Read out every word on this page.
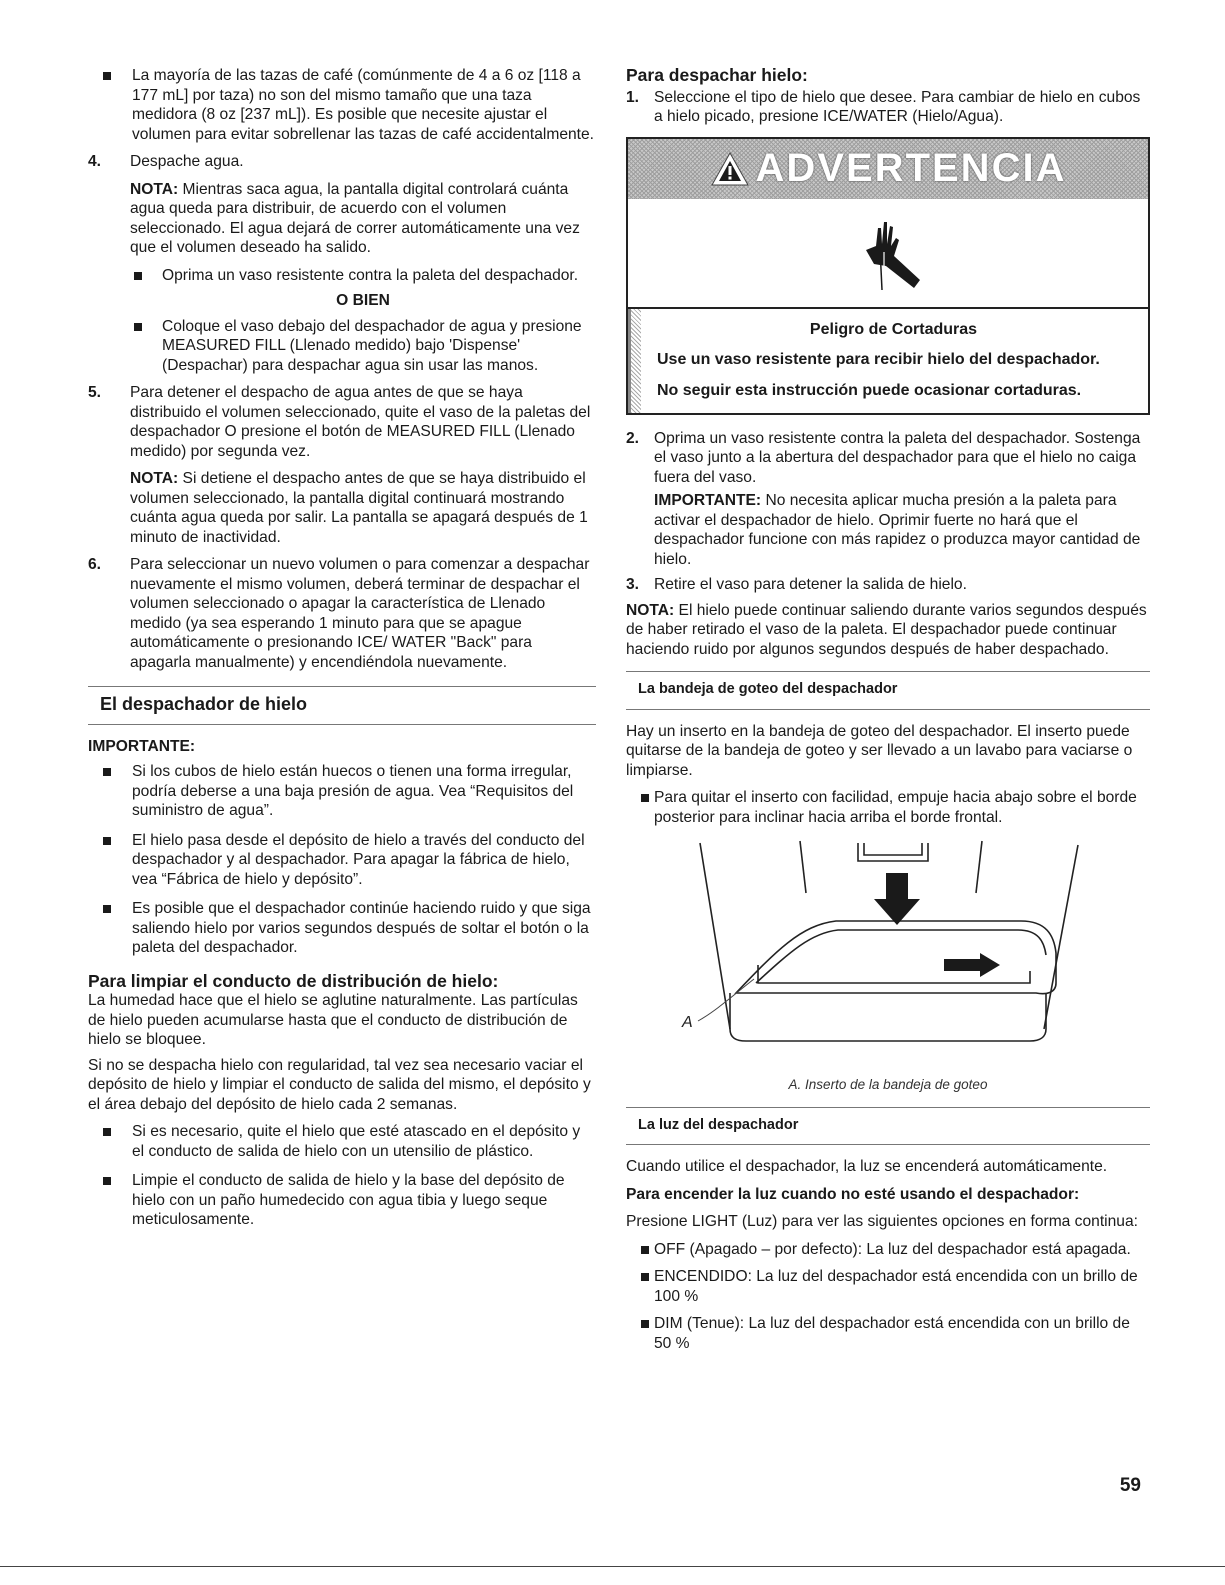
La mayoría de las tazas de café (comúnmente de 4 a 6 oz [118 a 177 mL] por taza) no son del mismo tamaño que una taza medidora (8 oz [237 mL]). Es posible que necesite ajustar el volumen para evitar sobrellenar las tazas de café accidentalmente.
4. Despache agua.

NOTA: Mientras saca agua, la pantalla digital controlará cuánta agua queda para distribuir, de acuerdo con el volumen seleccionado. El agua dejará de correr automáticamente una vez que el volumen deseado ha salido.

Oprima un vaso resistente contra la paleta del despachador.

O BIEN

Coloque el vaso debajo del despachador de agua y presione MEASURED FILL (Llenado medido) bajo 'Dispense' (Despachar) para despachar agua sin usar las manos.
5. Para detener el despacho de agua antes de que se haya distribuido el volumen seleccionado, quite el vaso de la paletas del despachador O presione el botón de MEASURED FILL (Llenado medido) por segunda vez.

NOTA: Si detiene el despacho antes de que se haya distribuido el volumen seleccionado, la pantalla digital continuará mostrando cuánta agua queda por salir. La pantalla se apagará después de 1 minuto de inactividad.

6. Para seleccionar un nuevo volumen o para comenzar a despachar nuevamente el mismo volumen, deberá terminar de despachar el volumen seleccionado o apagar la característica de Llenado medido (ya sea esperando 1 minuto para que se apague automáticamente o presionando ICE/ WATER "Back" para apagarla manualmente) y encendiéndola nuevamente.
El despachador de hielo

IMPORTANTE:

Si los cubos de hielo están huecos o tienen una forma irregular, podría deberse a una baja presión de agua. Vea “Requisitos del suministro de agua”.
El hielo pasa desde el depósito de hielo a través del conducto del despachador y al despachador. Para apagar la fábrica de hielo, vea “Fábrica de hielo y depósito”.
Es posible que el despachador continúe haciendo ruido y que siga saliendo hielo por varios segundos después de soltar el botón o la paleta del despachador.
Para limpiar el conducto de distribución de hielo:

La humedad hace que el hielo se aglutine naturalmente. Las partículas de hielo pueden acumularse hasta que el conducto de distribución de hielo se bloquee.

Si no se despacha hielo con regularidad, tal vez sea necesario vaciar el depósito de hielo y limpiar el conducto de salida del mismo, el depósito y el área debajo del depósito de hielo cada 2 semanas.

Si es necesario, quite el hielo que esté atascado en el depósito y el conducto de salida de hielo con un utensilio de plástico.
Limpie el conducto de salida de hielo y la base del depósito de hielo con un paño humedecido con agua tibia y luego seque meticulosamente.
Para despachar hielo:
1. Seleccione el tipo de hielo que desee. Para cambiar de hielo en cubos a hielo picado, presione ICE/WATER (Hielo/Agua).
ADVERTENCIA

Peligro de Cortaduras

Use un vaso resistente para recibir hielo del despachador.

No seguir esta instrucción puede ocasionar cortaduras.

2. Oprima un vaso resistente contra la paleta del despachador. Sostenga el vaso junto a la abertura del despachador para que el hielo no caiga fuera del vaso.

IMPORTANTE: No necesita aplicar mucha presión a la paleta para activar el despachador de hielo. Oprimir fuerte no hará que el despachador funcione con más rapidez o produzca mayor cantidad de hielo.

3. Retire el vaso para detener la salida de hielo.

NOTA: El hielo puede continuar saliendo durante varios segundos después de haber retirado el vaso de la paleta. El despachador puede continuar haciendo ruido por algunos segundos después de haber despachado.

La bandeja de goteo del despachador

Hay un inserto en la bandeja de goteo del despachador. El inserto puede quitarse de la bandeja de goteo y ser llevado a un lavabo para vaciarse o limpiarse.

Para quitar el inserto con facilidad, empuje hacia abajo sobre el borde posterior para inclinar hacia arriba el borde frontal.
A

A. Inserto de la bandeja de goteo

La luz del despachador

Cuando utilice el despachador, la luz se encenderá automáticamente.

Para encender la luz cuando no esté usando el despachador:

Presione LIGHT (Luz) para ver las siguientes opciones en forma continua:

OFF (Apagado – por defecto): La luz del despachador está apagada.
ENCENDIDO: La luz del despachador está encendida con un brillo de 100 %
DIM (Tenue): La luz del despachador está encendida con un brillo de 50 %
59
